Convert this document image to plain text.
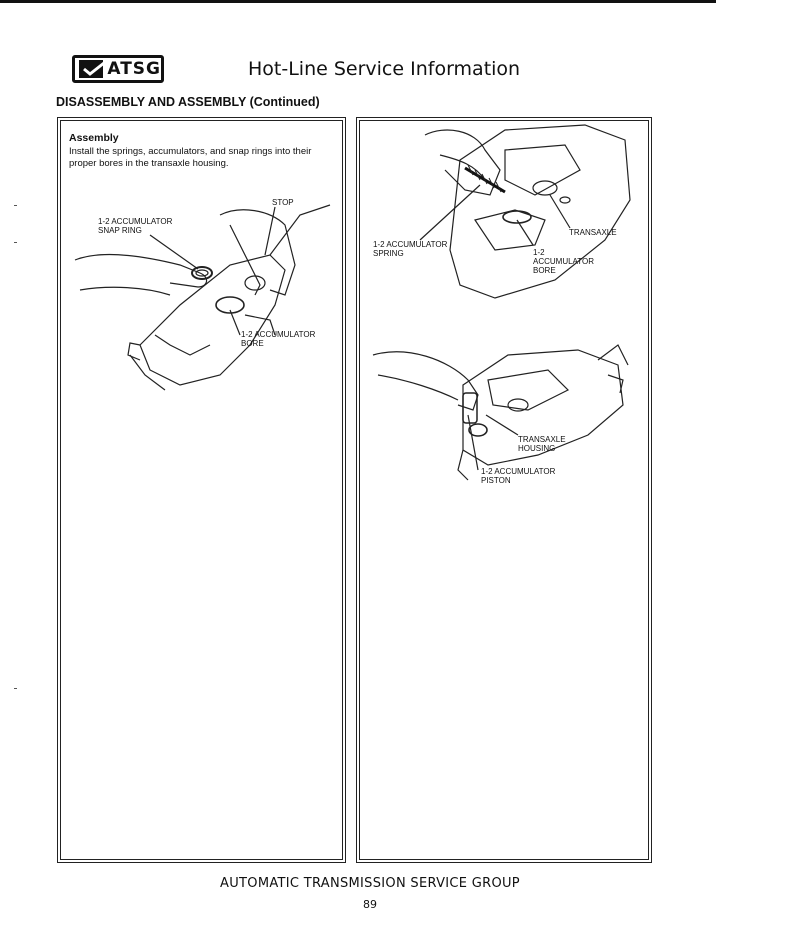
ATSG	Hot-Line Service Information
DISASSEMBLY AND ASSEMBLY (Continued)
Assembly
Install the springs, accumulators, and snap rings into their proper bores in the transaxle housing.
1-2 ACCUMULATOR
SNAP RING
STOP
1-2 ACCUMULATOR
BORE
1-2 ACCUMULATOR
SPRING
TRANSAXLE
1-2
ACCUMULATOR
BORE
TRANSAXLE
HOUSING
1-2 ACCUMULATOR
PISTON
AUTOMATIC TRANSMISSION SERVICE GROUP
89
